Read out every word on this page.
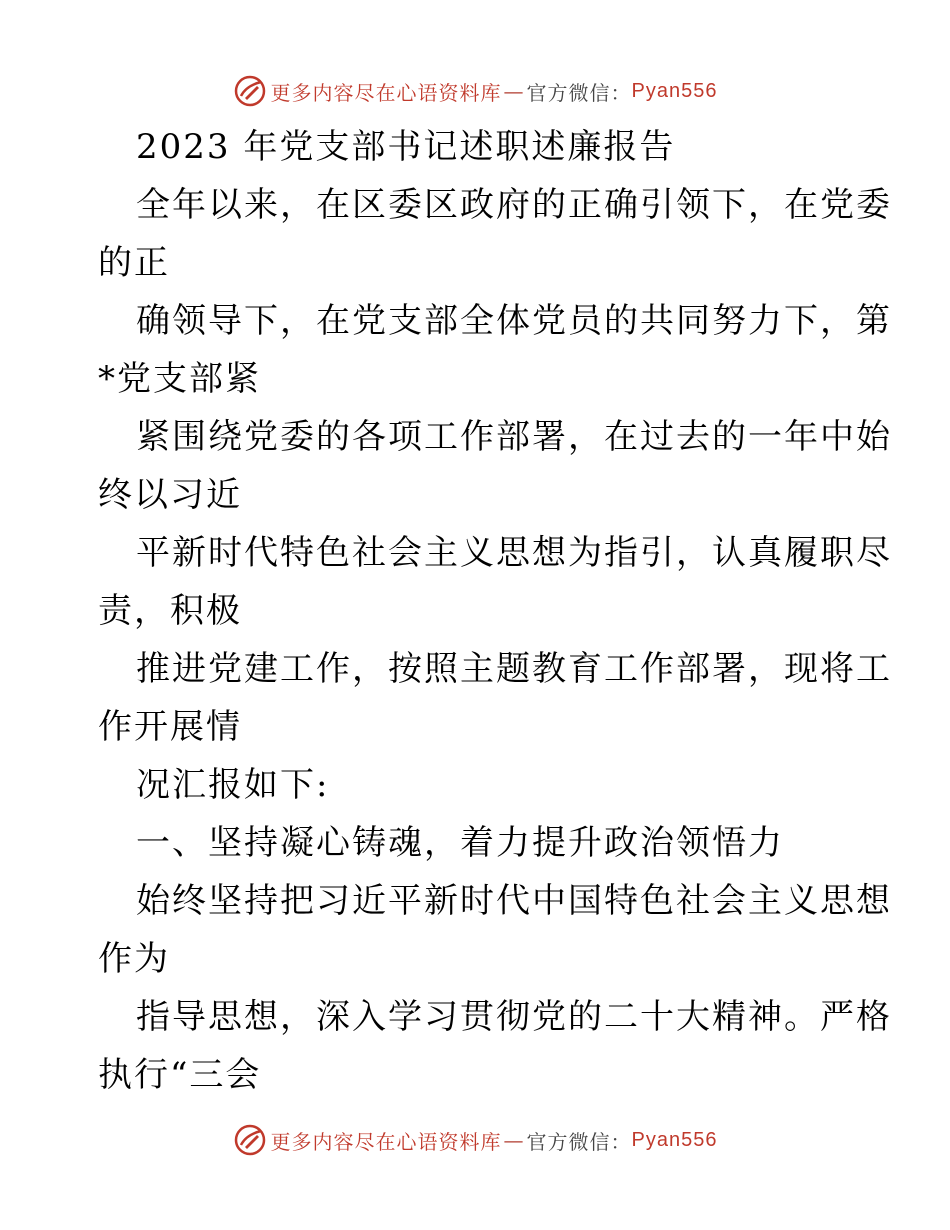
更多内容尽在心语资料库 — 官方微信： Pyan556
2023 年党支部书记述职述廉报告
全年以来，在区委区政府的正确引领下，在党委
的正
确领导下，在党支部全体党员的共同努力下，第
*党支部紧
紧围绕党委的各项工作部署，在过去的一年中始
终以习近
平新时代特色社会主义思想为指引，认真履职尽
责，积极
推进党建工作，按照主题教育工作部署，现将工
作开展情
况汇报如下:
一、坚持凝心铸魂，着力提升政治领悟力
始终坚持把习近平新时代中国特色社会主义思想
作为
指导思想，深入学习贯彻党的二十大精神。严格
执行“三会
更多内容尽在心语资料库 — 官方微信： Pyan556
